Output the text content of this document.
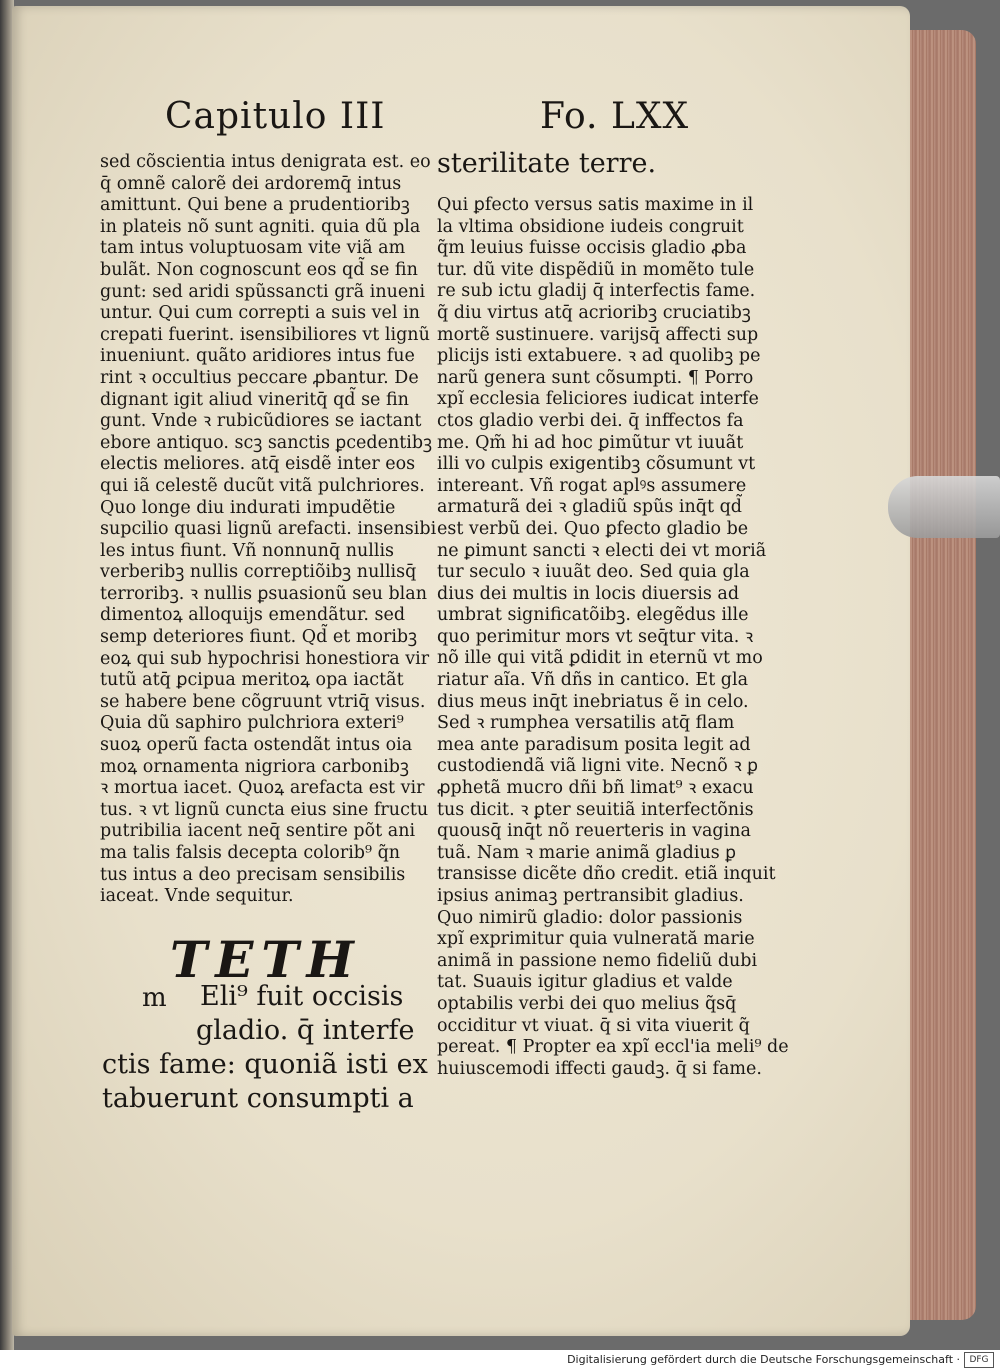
Capitulo III	Fo. LXX
sed cõscientia intus denigrata est. eo
q̄ omnẽ calorẽ dei ardoremq̄ intus
amittunt. Qui bene a prudentioribꝫ
in plateis nõ sunt agniti. quia dũ pla
tam intus voluptuosam vite viã am
bulãt. Non cognoscunt eos qd̃ se fin
gunt: sed aridi spũssancti grã inueni
untur. Qui cum correpti a suis vel in
crepati fuerint. isensibiliores vt lignũ
inueniunt. quãto aridiores intus fue
rint ꝛ occultius peccare ꝓbantur. De
dignant igit aliud vineritq̄ qd̃ se fin
gunt. Vnde ꝛ rubicũdiores se iactant
ebore antiquo. scꝫ sanctis ꝑcedentibꝫ
electis meliores. atq̄ eisdẽ inter eos
qui iã celestẽ ducũt vitã pulchriores.
Quo longe diu indurati impudẽtie
supcilio quasi lignũ arefacti. insensibi
les intus fiunt. Vñ nonnunq̄ nullis
verberibꝫ nullis correptiõibꝫ nullisq̄
terroribꝫ. ꝛ nullis ꝑsuasionũ seu blan
dimentoꝝ alloquijs emendãtur. sed
semp deteriores fiunt. Qd̃ et moribꝫ
eoꝝ qui sub hypochrisi honestiora vir
tutũ atq̄ ꝑcipua meritoꝝ opa iactãt
se habere bene cõgruunt vtriq̄ visus.
Quia dũ saphiro pulchriora exteri⁹
suoꝝ operũ facta ostendãt intus oia
moꝝ ornamenta nigriora carbonibꝫ
ꝛ mortua iacet. Quoꝝ arefacta est vir
tus. ꝛ vt lignũ cuncta eius sine fructu
putribilia iacent neq̄ sentire põt ani
ma talis falsis decepta colorib⁹ q̃n
tus intus a deo precisam sensibilis
iaceat. Vnde sequitur.
TETH
m Eli⁹ fuit occisis
gladio. q̄ interfe
ctis fame: quoniã isti ex
tabuerunt consumpti a
sterilitate terre.
Qui ꝑfecto versus satis maxime in il
la vltima obsidione iudeis congruit
q̃m leuius fuisse occisis gladio ꝓba
tur. dũ vite dispẽdiũ in momẽto tule
re sub ictu gladij q̄ interfectis fame.
q̃ diu virtus atq̄ acrioribꝫ cruciatibꝫ
mortẽ sustinuere. varijsq̄ affecti sup
plicijs isti extabuere. ꝛ ad quolibꝫ pe
narũ genera sunt cõsumpti. ¶ Porro
xpĩ ecclesia feliciores iudicat interfe
ctos gladio verbi dei. q̄ inffectos fa
me. Qm̃ hi ad hoc ꝑimũtur vt iuuãt
illi vo culpis exigentibꝫ cõsumunt vt
intereant. Vñ rogat aplꝰs assumere
armaturã dei ꝛ gladiũ spũs inq̄t qd̃
est verbũ dei. Quo ꝑfecto gladio be
ne ꝑimunt sancti ꝛ electi dei vt moriã
tur seculo ꝛ iuuãt deo. Sed quia gla
dius dei multis in locis diuersis ad
umbrat significatõibꝫ. elegẽdus ille
quo perimitur mors vt seq̄tur vita. ꝛ
nõ ille qui vitã ꝑdidit in eternũ vt mo
riatur aĩa. Vñ dñs in cantico. Et gla
dius meus inq̄t inebriatus ẽ in celo.
Sed ꝛ rumphea versatilis atq̄ flam
mea ante paradisum posita legit ad
custodiendã viã ligni vite. Necnõ ꝛ ꝑ
ꝓphetã mucro dñi bñ limat⁹ ꝛ exacu
tus dicit. ꝛ ꝑter seuitiã interfectõnis
quousq̄ inq̄t nõ reuerteris in vagina
tuã. Nam ꝛ marie animã gladius ꝑ
transisse dicẽte dño credit. etiã inquit
ipsius animaꝫ pertransibit gladius.
Quo nimirũ gladio: dolor passionis
xpĩ exprimitur quia vulnerată marie
animã in passione nemo fideliũ dubi
tat. Suauis igitur gladius et valde
optabilis verbi dei quo melius q̃sq̄
occiditur vt viuat. q̄ si vita viuerit q̃
pereat. ¶ Propter ea xpĩ eccl'ia meli⁹ de
huiuscemodi iffecti gaudꝫ. q̄ si fame.
Digitalisierung gefördert durch die Deutsche Forschungsgemeinschaft ·	DFG
